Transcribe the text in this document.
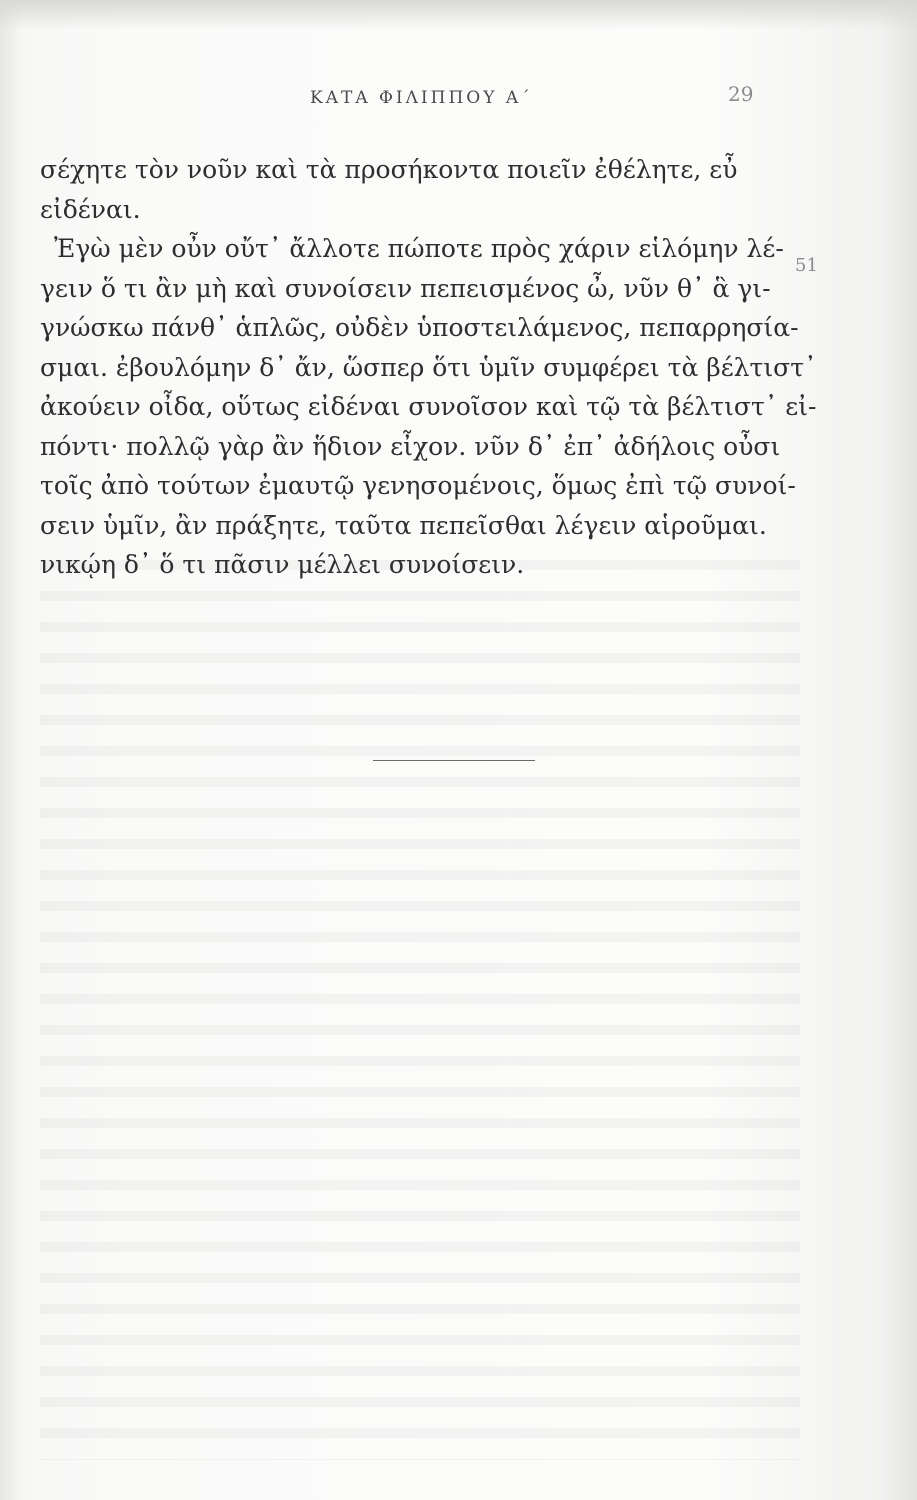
ΚΑΤΑ ΦΙΛΙΠΠΟΥ Α΄	29
51
σέχητε τὸν νοῦν καὶ τὰ προσήκοντα ποιεῖν ἐθέλητε, εὖ
εἰδέναι.
Ἐγὼ μὲν οὖν οὔτ᾽ ἄλλοτε πώποτε πρὸς χάριν εἱλόμην λέ-
γειν ὅ τι ἂν μὴ καὶ συνοίσειν πεπεισμένος ὦ, νῦν θ᾽ ἃ γι-
γνώσκω πάνθ᾽ ἁπλῶς, οὐδὲν ὑποστειλάμενος, πεπαρρησία-
σμαι. ἐβουλόμην δ᾽ ἄν, ὥσπερ ὅτι ὑμῖν συμφέρει τὰ βέλτιστ᾽
ἀκούειν οἶδα, οὕτως εἰδέναι συνοῖσον καὶ τῷ τὰ βέλτιστ᾽ εἰ-
πόντι· πολλῷ γὰρ ἂν ἥδιον εἶχον. νῦν δ᾽ ἐπ᾽ ἀδήλοις οὖσι
τοῖς ἀπὸ τούτων ἐμαυτῷ γενησομένοις, ὅμως ἐπὶ τῷ συνοί-
σειν ὑμῖν, ἂν πράξητε, ταῦτα πεπεῖσθαι λέγειν αἱροῦμαι.
νικῴη δ᾽ ὅ τι πᾶσιν μέλλει συνοίσειν.
